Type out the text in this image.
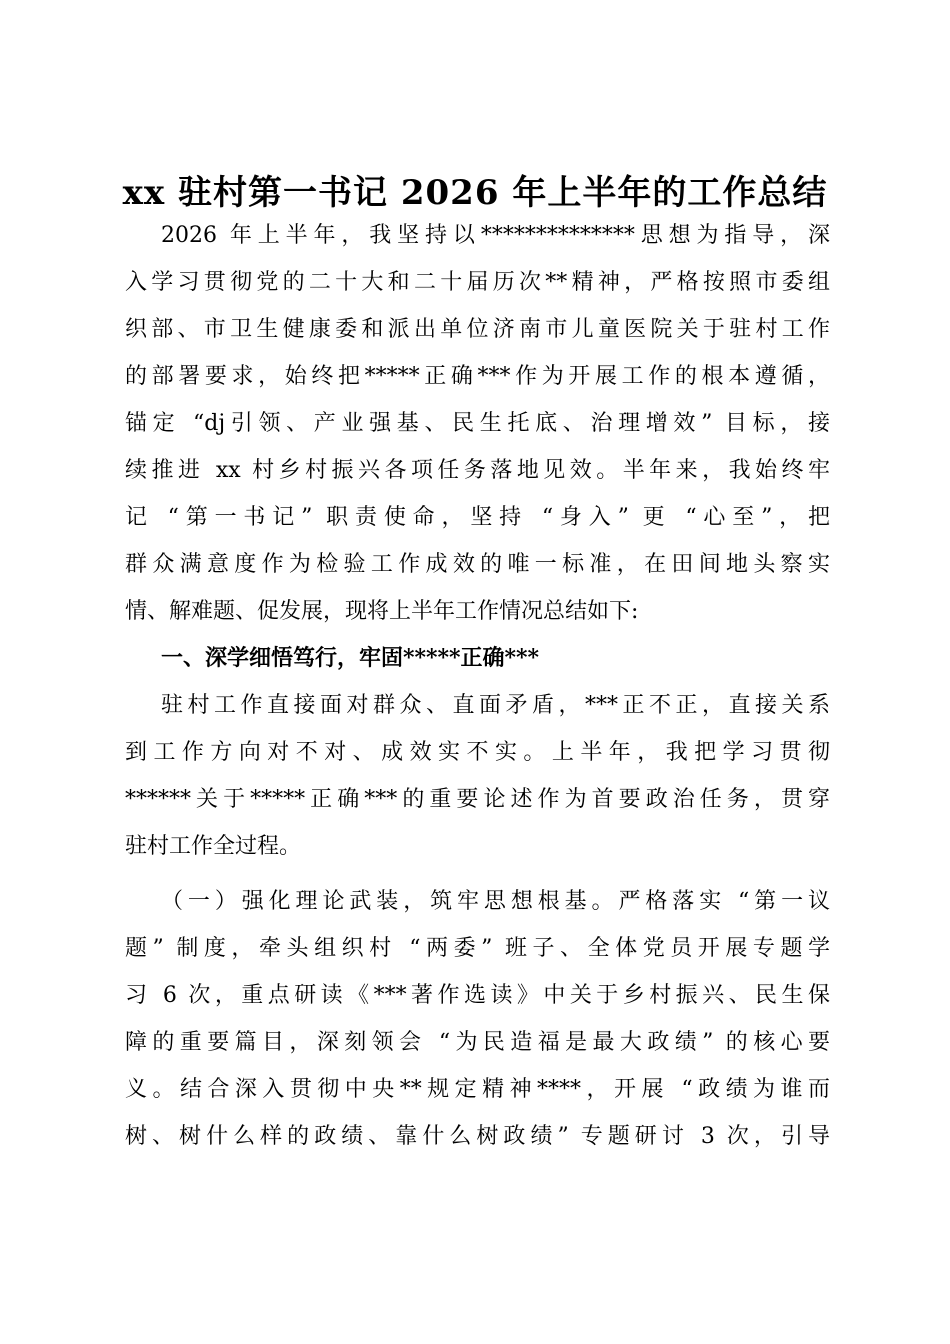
xx 驻村第一书记 2026 年上半年的工作总结
2026 年上半年，我坚持以**************思想为指导，深
入学习贯彻党的二十大和二十届历次**精神，严格按照市委组
织部、市卫生健康委和派出单位济南市儿童医院关于驻村工作
的部署要求，始终把*****正确***作为开展工作的根本遵循，
锚定 “dj引领、产业强基、民生托底、治理增效” 目标，接
续推进 xx 村乡村振兴各项任务落地见效。半年来，我始终牢
记 “第一书记” 职责使命，坚持 “身入” 更 “心至”，把
群众满意度作为检验工作成效的唯一标准，在田间地头察实
情、解难题、促发展，现将上半年工作情况总结如下:
一、深学细悟笃行，牢固*****正确***
驻村工作直接面对群众、直面矛盾，***正不正，直接关系
到工作方向对不对、成效实不实。上半年，我把学习贯彻
******关于*****正确***的重要论述作为首要政治任务，贯穿
驻村工作全过程。
（一）强化理论武装，筑牢思想根基。严格落实 “第一议
题” 制度，牵头组织村 “两委” 班子、全体党员开展专题学
习 6 次，重点研读《***著作选读》中关于乡村振兴、民生保
障的重要篇目，深刻领会 “为民造福是最大政绩” 的核心要
义。结合深入贯彻中央**规定精神****，开展 “政绩为谁而
树、树什么样的政绩、靠什么树政绩” 专题研讨 3 次，引导
